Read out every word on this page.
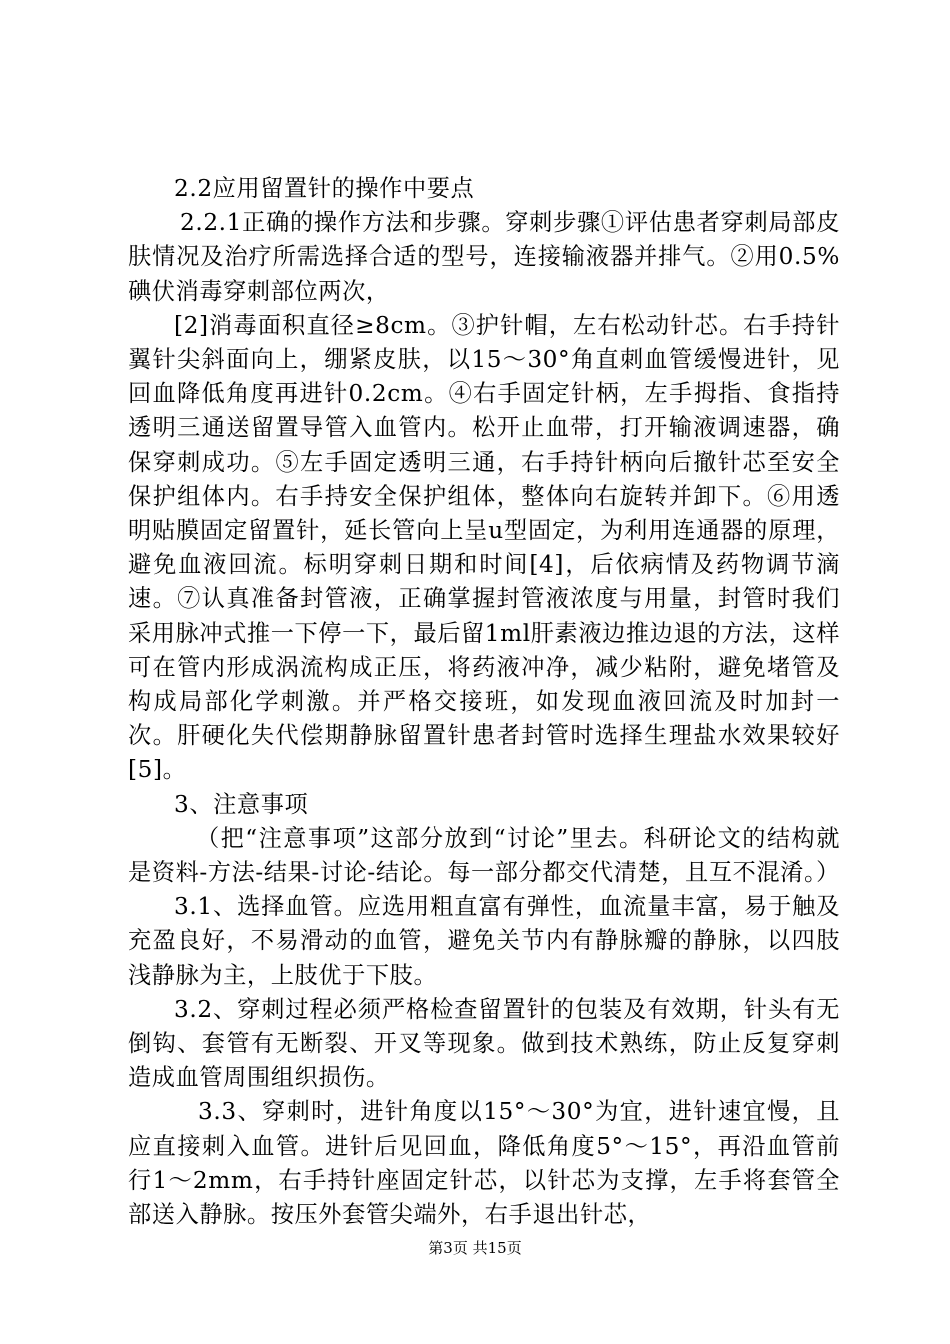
2.2应用留置针的操作中要点

2.2.1正确的操作方法和步骤。穿刺步骤①评估患者穿刺局部皮肤情况及治疗所需选择合适的型号，连接输液器并排气。②用0.5%碘伏消毒穿刺部位两次，

[2]消毒面积直径≥8cm。③护针帽，左右松动针芯。右手持针翼针尖斜面向上，绷紧皮肤，以15～30°角直刺血管缓慢进针，见回血降低角度再进针0.2cm。④右手固定针柄，左手拇指、食指持透明三通送留置导管入血管内。松开止血带，打开输液调速器，确保穿刺成功。⑤左手固定透明三通，右手持针柄向后撤针芯至安全保护组体内。右手持安全保护组体，整体向右旋转并卸下。⑥用透明贴膜固定留置针，延长管向上呈u型固定，为利用连通器的原理，避免血液回流。标明穿刺日期和时间[4]，后依病情及药物调节滴速。⑦认真准备封管液，正确掌握封管液浓度与用量，封管时我们采用脉冲式推一下停一下，最后留1ml肝素液边推边退的方法，这样可在管内形成涡流构成正压，将药液冲净，减少粘附，避免堵管及构成局部化学刺激。并严格交接班，如发现血液回流及时加封一次。肝硬化失代偿期静脉留置针患者封管时选择生理盐水效果较好[5]。

3、注意事项

（把“注意事项”这部分放到“讨论”里去。科研论文的结构就是资料-方法-结果-讨论-结论。每一部分都交代清楚，且互不混淆。）

3.1、选择血管。应选用粗直富有弹性，血流量丰富，易于触及充盈良好，不易滑动的血管，避免关节内有静脉瓣的静脉，以四肢浅静脉为主，上肢优于下肢。

3.2、穿刺过程必须严格检查留置针的包装及有效期，针头有无倒钩、套管有无断裂、开叉等现象。做到技术熟练，防止反复穿刺造成血管周围组织损伤。

3.3、穿刺时，进针角度以15°～30°为宜，进针速宜慢，且应直接刺入血管。进针后见回血，降低角度5°～15°，再沿血管前行1～2mm，右手持针座固定针芯，以针芯为支撑，左手将套管全部送入静脉。按压外套管尖端外，右手退出针芯，

第3页 共15页
